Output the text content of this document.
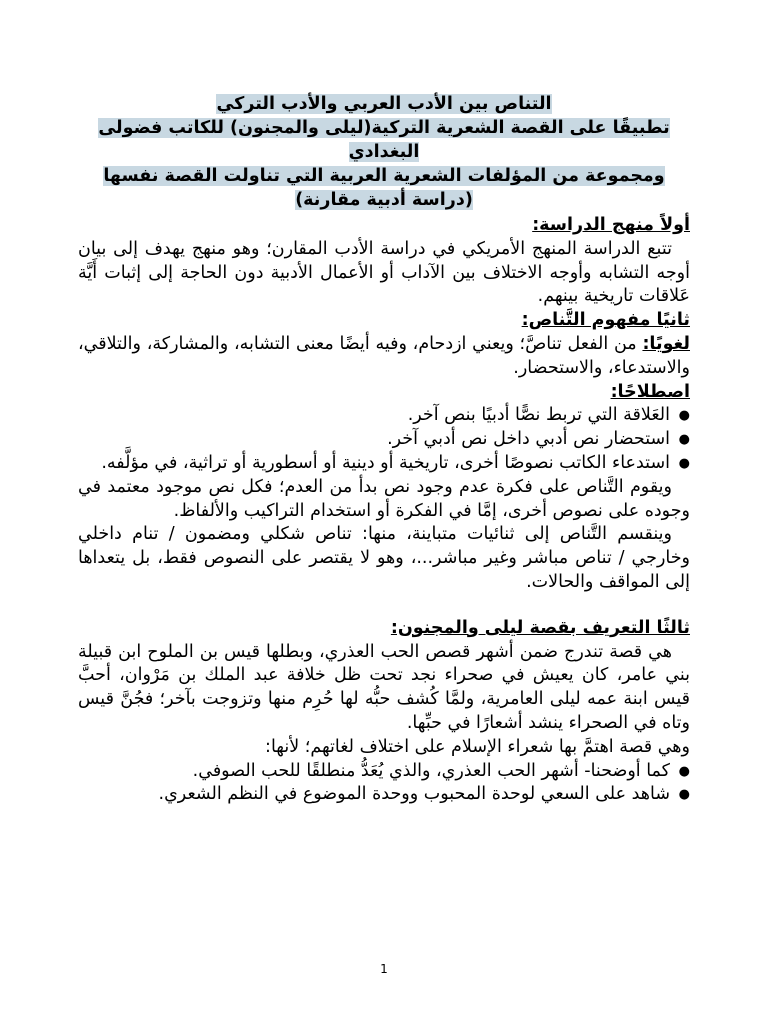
التناص بين الأدب العربي والأدب التركي
تطبيقًا على القصة الشعرية التركية(ليلى والمجنون) للكاتب فضولى البغدادي
ومجموعة من المؤلفات الشعرية العربية التي تناولت القصة نفسها
(دراسة أدبية مقارنة)

أولاً منهج الدراسة:

تتبع الدراسة المنهج الأمريكي في دراسة الأدب المقارن؛ وهو منهج يهدف إلى بيان أوجه التشابه وأوجه الاختلاف بين الآداب أو الأعمال الأدبية دون الحاجة إلى إثبات أَيَّة عَلاقات تاريخية بينهم.

ثانيًا مفهوم التَّناص:

لغويًا: من الفعل تناصَّ؛ ويعني ازدحام، وفيه أيضًا معنى التشابه، والمشاركة، والتلاقي، والاستدعاء، والاستحضار.

اصطلاحًا:

● العَلاقة التي تربط نصًّا أدبيًا بنص آخر.
● استحضار نص أدبي داخل نص أدبي آخر.
● استدعاء الكاتب نصوصًا أخرى، تاريخية أو دينية أو أسطورية أو تراثية، في مؤلَّفه.

ويقوم التَّناص على فكرة عدم وجود نص بدأ من العدم؛ فكل نص موجود معتمد في وجوده على نصوص أخرى، إمَّا في الفكرة أو استخدام التراكيب والألفاظ.

وينقسم التَّناص إلى ثنائيات متباينة، منها: تناص شكلي ومضمون / تنام داخلي وخارجي / تناص مباشر وغير مباشر...، وهو لا يقتصر على النصوص فقط، بل يتعداها إلى المواقف والحالات.

ثالثًا التعريف بقصة ليلى والمجنون:

هي قصة تندرج ضمن أشهر قصص الحب العذري، وبطلها قيس بن الملوح ابن قبيلة بني عامر، كان يعيش في صحراء نجد تحت ظل خلافة عبد الملك بن مَرْوان، أحبَّ قيس ابنة عمه ليلى العامرية، ولمَّا كُشف حبُّه لها حُرِم منها وتزوجت بآخر؛ فجُنَّ قيس وتاه في الصحراء ينشد أشعارًا في حبِّها.

وهي قصة اهتمَّ بها شعراء الإسلام على اختلاف لغاتهم؛ لأنها:

● كما أوضحنا- أشهر الحب العذري، والذي يُعَدُّ منطلقًا للحب الصوفي.
● شاهد على السعي لوحدة المحبوب ووحدة الموضوع في النظم الشعري.
1
